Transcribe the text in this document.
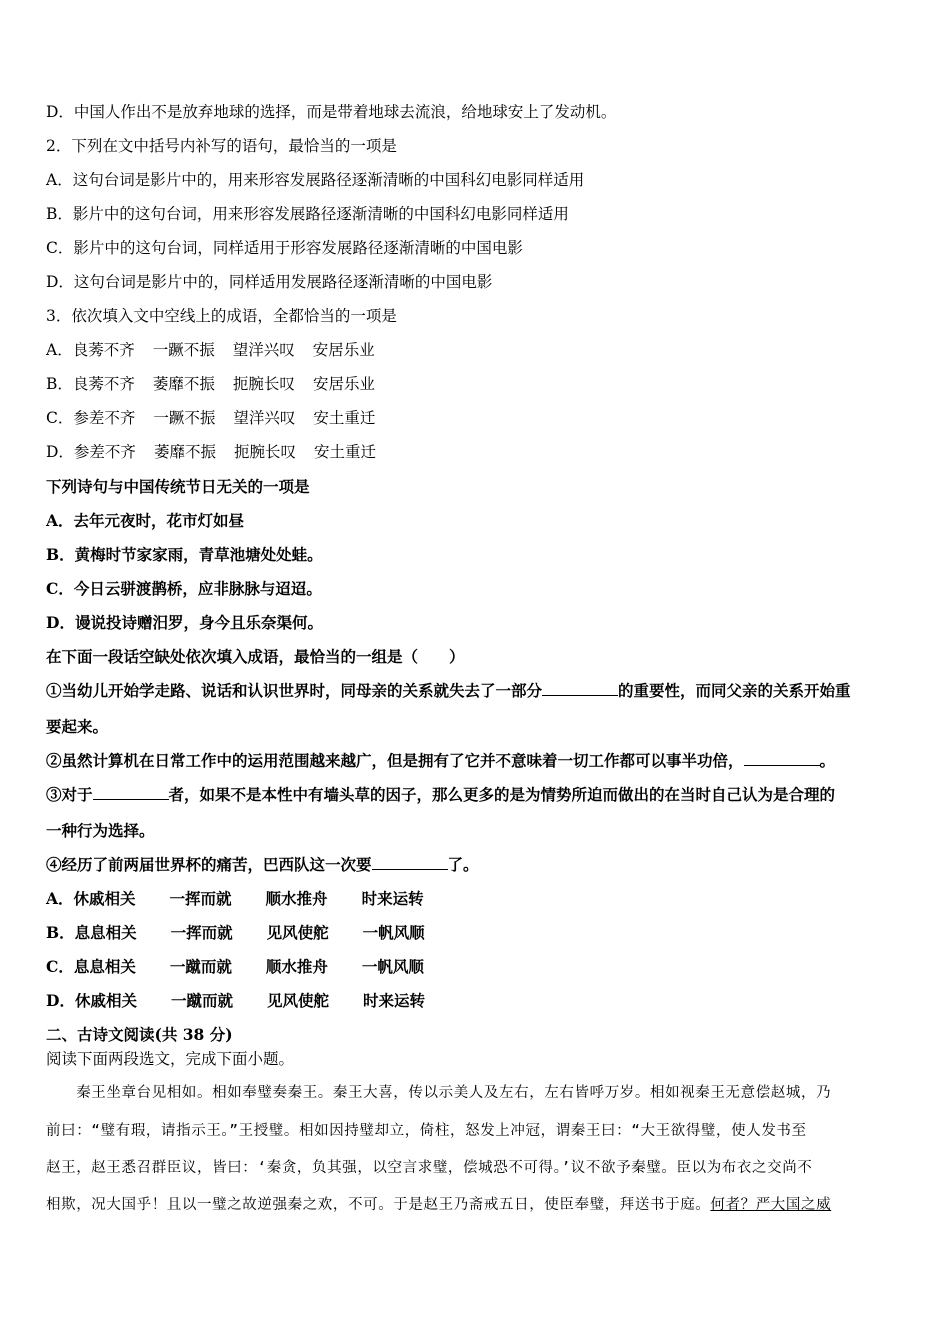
D．中国人作出不是放弃地球的选择，而是带着地球去流浪，给地球安上了发动机。
2．下列在文中括号内补写的语句，最恰当的一项是
A．这句台词是影片中的，用来形容发展路径逐渐清晰的中国科幻电影同样适用
B．影片中的这句台词，用来形容发展路径逐渐清晰的中国科幻电影同样适用
C．影片中的这句台词，同样适用于形容发展路径逐渐清晰的中国电影
D．这句台词是影片中的，同样适用发展路径逐渐清晰的中国电影
3．依次填入文中空线上的成语，全都恰当的一项是
A．良莠不齐 一蹶不振 望洋兴叹 安居乐业
B．良莠不齐 萎靡不振 扼腕长叹 安居乐业
C．参差不齐 一蹶不振 望洋兴叹 安土重迁
D．参差不齐 萎靡不振 扼腕长叹 安土重迁
下列诗句与中国传统节日无关的一项是
A．去年元夜时，花市灯如昼
B．黄梅时节家家雨，青草池塘处处蛙。
C．今日云骈渡鹊桥，应非脉脉与迢迢。
D．谩说投诗赠汨罗，身今且乐奈渠何。
在下面一段话空缺处依次填入成语，最恰当的一组是（　　）
①当幼儿开始学走路、说话和认识世界时，同母亲的关系就失去了一部分	的重要性，而同父亲的关系开始重
要起来。
②虽然计算机在日常工作中的运用范围越来越广，但是拥有了它并不意味着一切工作都可以事半功倍，	。
③对于	者，如果不是本性中有墙头草的因子，那么更多的是为情势所迫而做出的在当时自己认为是合理的
一种行为选择。
④经历了前两届世界杯的痛苦，巴西队这一次要	了。
A．休戚相关 一挥而就 顺水推舟 时来运转
B．息息相关 一挥而就 见风使舵 一帆风顺
C．息息相关 一蹴而就 顺水推舟 一帆风顺
D．休戚相关 一蹴而就 见风使舵 时来运转
二、古诗文阅读(共 38 分)
阅读下面两段选文，完成下面小题。
　　秦王坐章台见相如。相如奉璧奏秦王。秦王大喜，传以示美人及左右，左右皆呼万岁。相如视秦王无意偿赵城，乃
前曰：“璧有瑕，请指示王。”王授璧。相如因持璧却立，倚柱，怒发上冲冠，谓秦王曰：“大王欲得璧，使人发书至
赵王，赵王悉召群臣议，皆曰：‘秦贪，负其强，以空言求璧，偿城恐不可得。’议不欲予秦璧。臣以为布衣之交尚不
相欺，况大国乎！且以一璧之故逆强秦之欢，不可。于是赵王乃斋戒五日，使臣奉璧，拜送书于庭。何者？严大国之威
